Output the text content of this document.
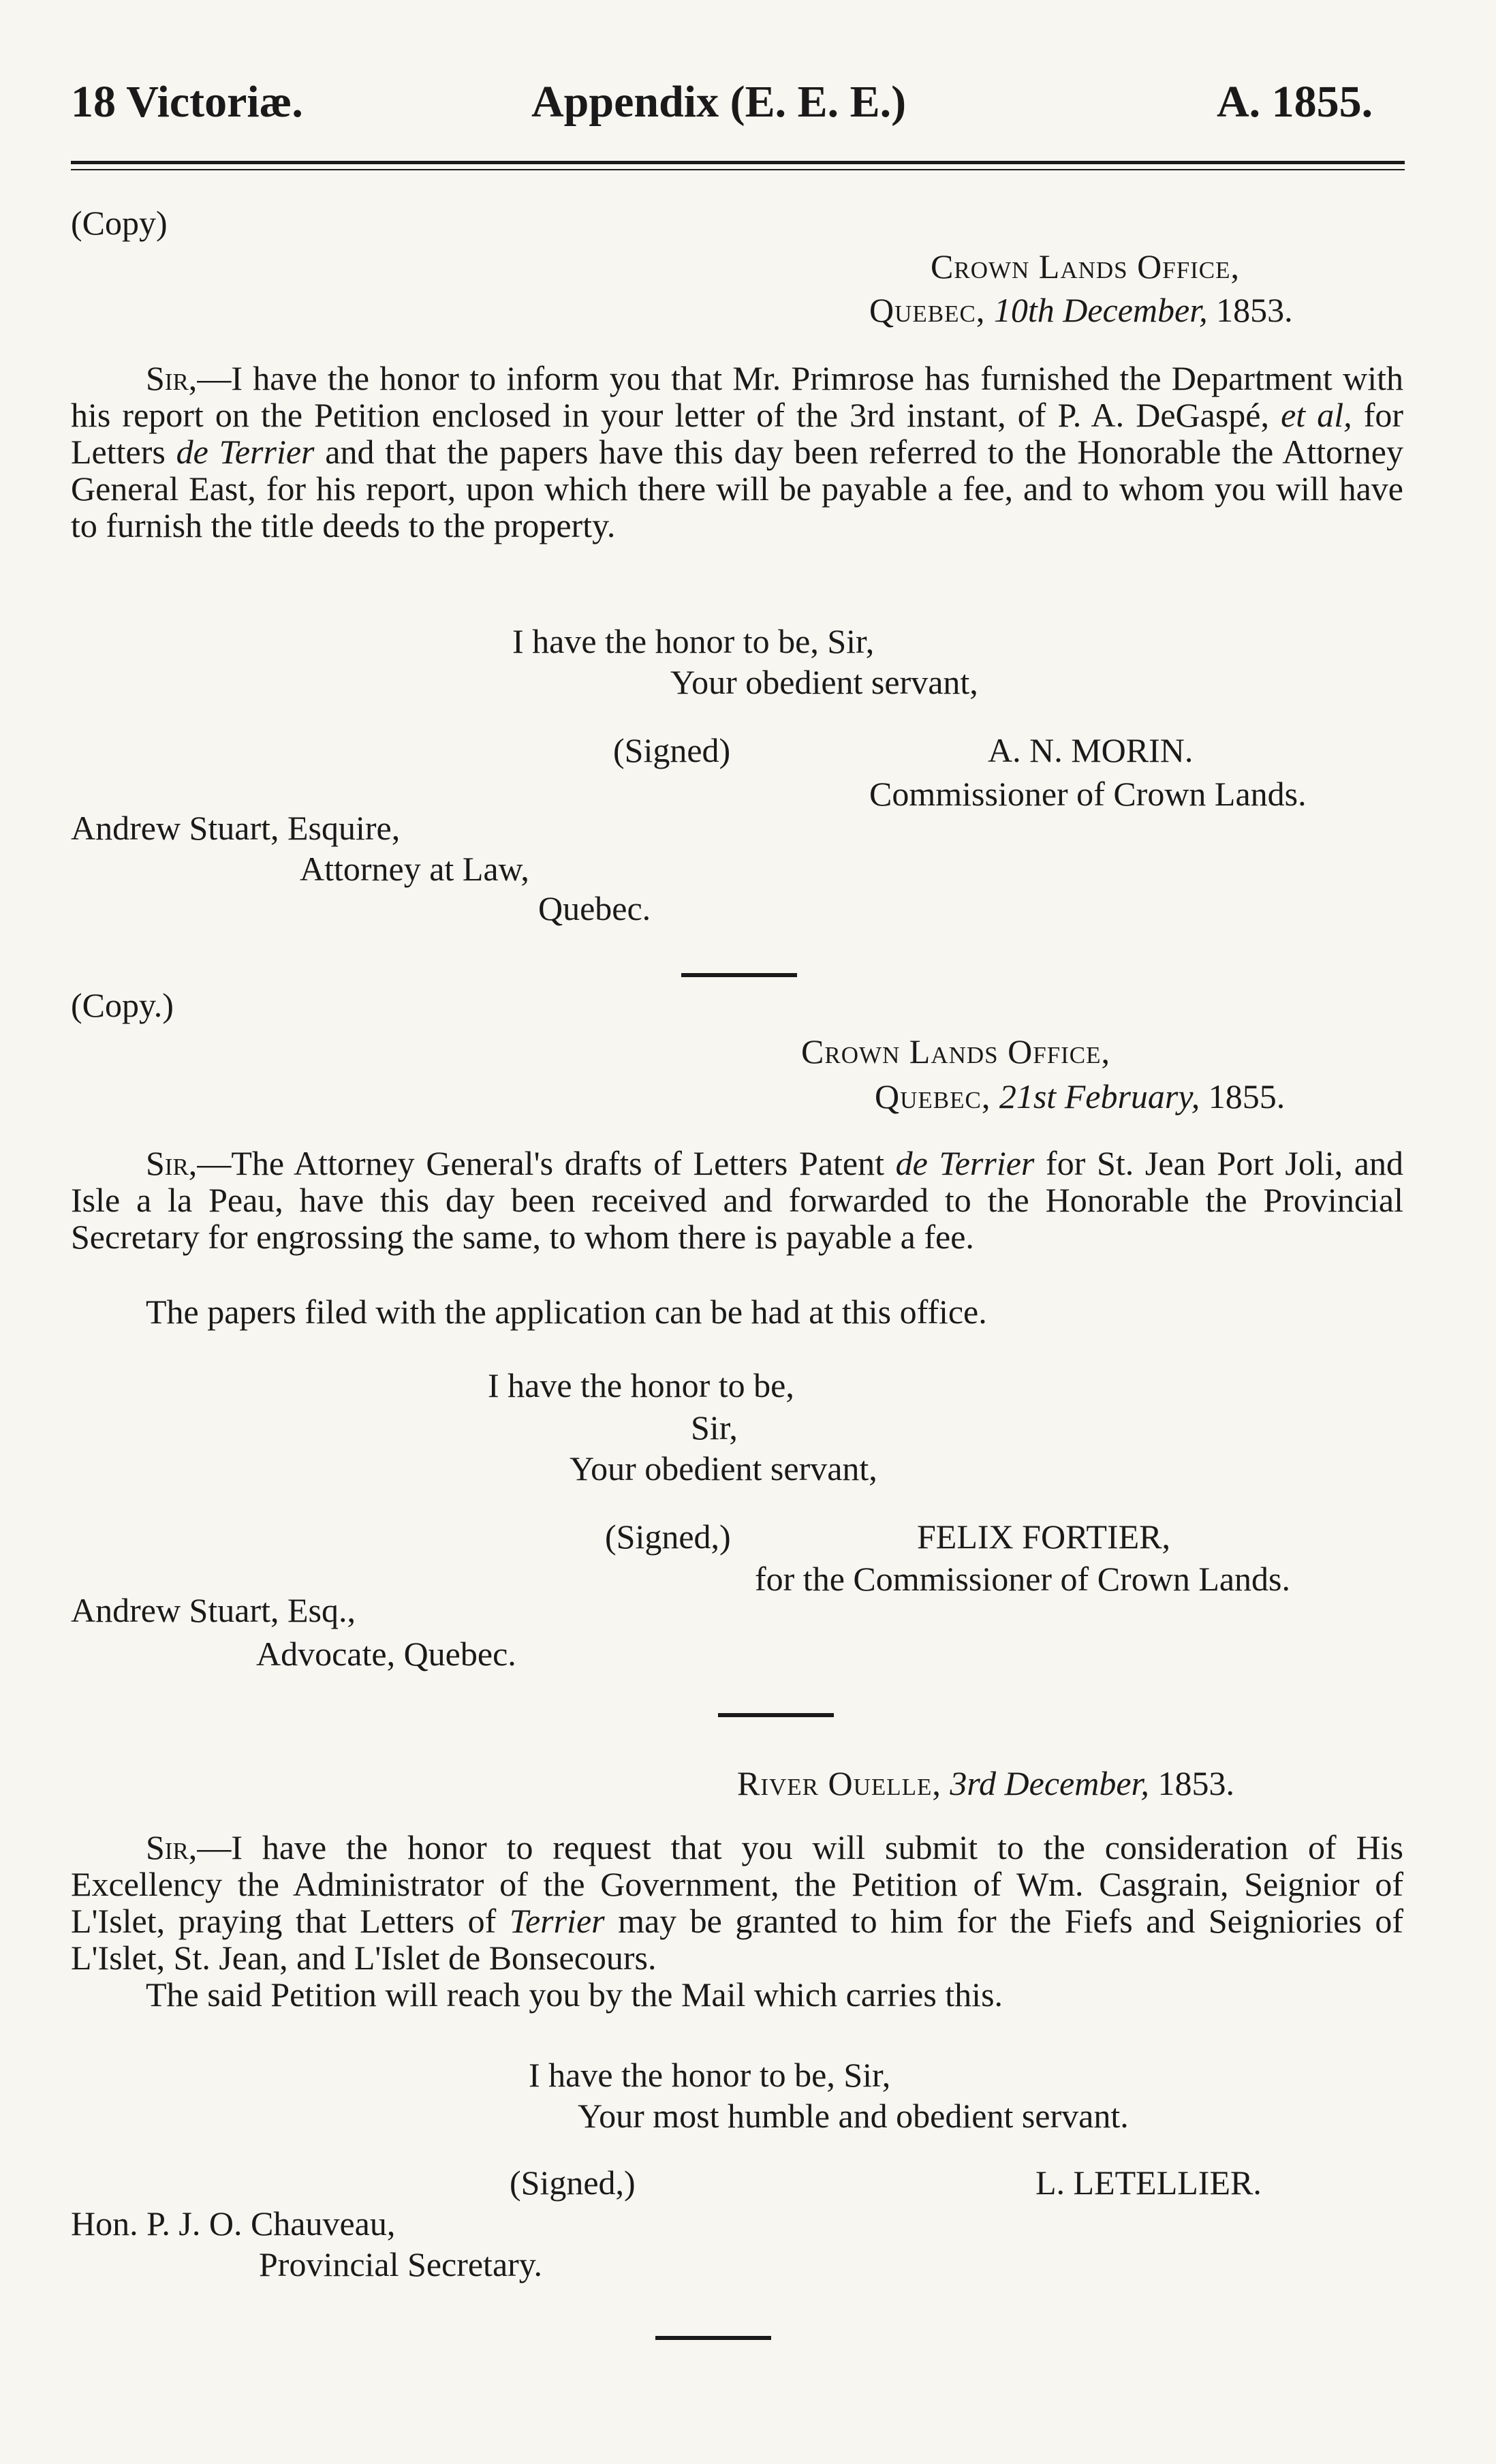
18 Victoriæ.	Appendix (E. E. E.)	A. 1855.
(Copy)
Crown Lands Office,
Quebec, 10th December, 1853.
Sir,—I have the honor to inform you that Mr. Primrose has furnished the Department with his report on the Petition enclosed in your letter of the 3rd instant, of P. A. DeGaspé, et al, for Letters de Terrier and that the papers have this day been referred to the Honorable the Attorney General East, for his report, upon which there will be payable a fee, and to whom you will have to furnish the title deeds to the property.
I have the honor to be, Sir,
Your obedient servant,
(Signed)	A. N. MORIN.
Commissioner of Crown Lands.
Andrew Stuart, Esquire,
Attorney at Law,
Quebec.
(Copy.)
Crown Lands Office,
Quebec, 21st February, 1855.
Sir,—The Attorney General's drafts of Letters Patent de Terrier for St. Jean Port Joli, and Isle a la Peau, have this day been received and forwarded to the Honorable the Provincial Secretary for engrossing the same, to whom there is payable a fee.
The papers filed with the application can be had at this office.
I have the honor to be,
Sir,
Your obedient servant,
(Signed,)	FELIX FORTIER,
for the Commissioner of Crown Lands.
Andrew Stuart, Esq.,
Advocate, Quebec.
River Ouelle, 3rd December, 1853.
Sir,—I have the honor to request that you will submit to the consideration of His Excellency the Administrator of the Government, the Petition of Wm. Casgrain, Seignior of L'Islet, praying that Letters of Terrier may be granted to him for the Fiefs and Seigniories of L'Islet, St. Jean, and L'Islet de Bonsecours.
The said Petition will reach you by the Mail which carries this.
I have the honor to be, Sir,
Your most humble and obedient servant.
(Signed,)	L. LETELLIER.
Hon. P. J. O. Chauveau,
Provincial Secretary.
